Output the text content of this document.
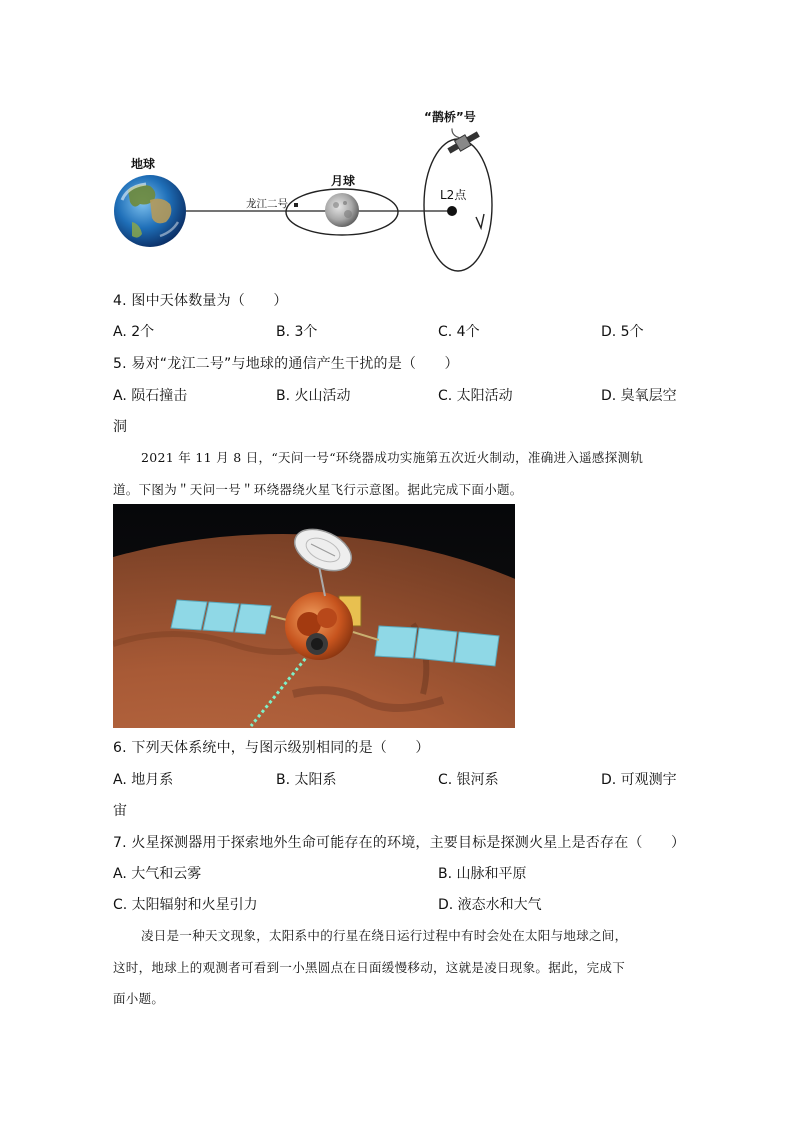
地球
月球
龙江二号
“鹊桥”号
L2点
4. 图中天体数量为（　　）
A. 2个	B. 3个	C. 4个	D. 5个
5. 易对“龙江二号”与地球的通信产生干扰的是（　　）
A. 陨石撞击	B. 火山活动	C. 太阳活动	D. 臭氧层空
洞
2021 年 11 月 8 日，“天问一号“环绕器成功实施第五次近火制动，准确进入遥感探测轨
道。下图为＂天问一号＂环绕器绕火星飞行示意图。据此完成下面小题。
6. 下列天体系统中，与图示级别相同的是（　　）
A. 地月系	B. 太阳系	C. 银河系	D. 可观测宇
宙
7. 火星探测器用于探索地外生命可能存在的环境，主要目标是探测火星上是否存在（　　）
A. 大气和云雾	B. 山脉和平原
C. 太阳辐射和火星引力	D. 液态水和大气
凌日是一种天文现象，太阳系中的行星在绕日运行过程中有时会处在太阳与地球之间，
这时，地球上的观测者可看到一小黑圆点在日面缓慢移动，这就是凌日现象。据此，完成下
面小题。
